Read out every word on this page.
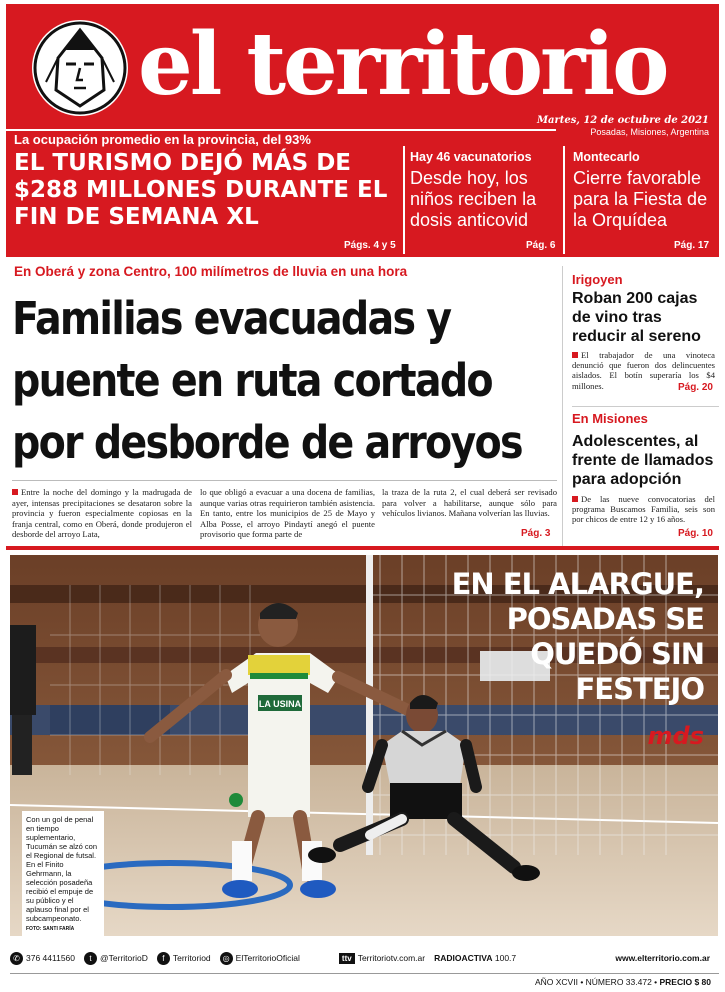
el territorio
Martes, 12 de octubre de 2021
Posadas, Misiones, Argentina
La ocupación promedio en la provincia, del 93%
EL TURISMO DEJÓ MÁS DE $288 MILLONES DURANTE EL FIN DE SEMANA XL
Págs. 4 y 5
Hay 46 vacunatorios
Desde hoy, los niños reciben la dosis anticovid
Pág. 6
Montecarlo
Cierre favorable para la Fiesta de la Orquídea
Pág. 17
En Oberá y zona Centro, 100 milímetros de lluvia en una hora
Familias evacuadas y
puente en ruta cortado
por desborde de arroyos
Entre la noche del domingo y la madrugada de ayer, intensas precipitaciones se desataron sobre la provincia y fueron especialmente copiosas en la franja central, como en Oberá, donde produjeron el desborde del arroyo Lata,
lo que obligó a evacuar a una docena de familias, aunque varias otras requirieron también asistencia. En tanto, entre los municipios de 25 de Mayo y Alba Posse, el arroyo Pindaytí anegó el puente provisorio que forma parte de
la traza de la ruta 2, el cual deberá ser revisado para volver a habilitarse, aunque sólo para vehículos livianos. Mañana volverían las lluvias.
Pág. 3
Irigoyen
Roban 200 cajas de vino tras reducir al sereno
El trabajador de una vinoteca denunció que fueron dos delincuentes aislados. El botín superaría los $4 millones.	Pág. 20
En Misiones
Adolescentes, al frente de llamados para adopción
De las nueve convocatorias del programa Buscamos Familia, seis son por chicos de entre 12 y 16 años.
Pág. 10
LA USINA
EN EL ALARGUE,
POSADAS SE
QUEDÓ SIN
FESTEJO
mds
Con un gol de penal en tiempo suplementario, Tucumán se alzó con el Regional de futsal. En el Finito Gehrmann, la selección posadeña recibió el empuje de su público y el aplauso final por el subcampeonato.
FOTO: SANTI FARÍA
✆ 376 4411560	t @TerritorioD	f Territoriod	◎ ElTerritorioOficial	ttv Territoriotv.com.ar RADIOACTIVA
100.7	www.elterritorio.com.ar
AÑO XCVII • NÚMERO 33.472 • PRECIO $ 80
